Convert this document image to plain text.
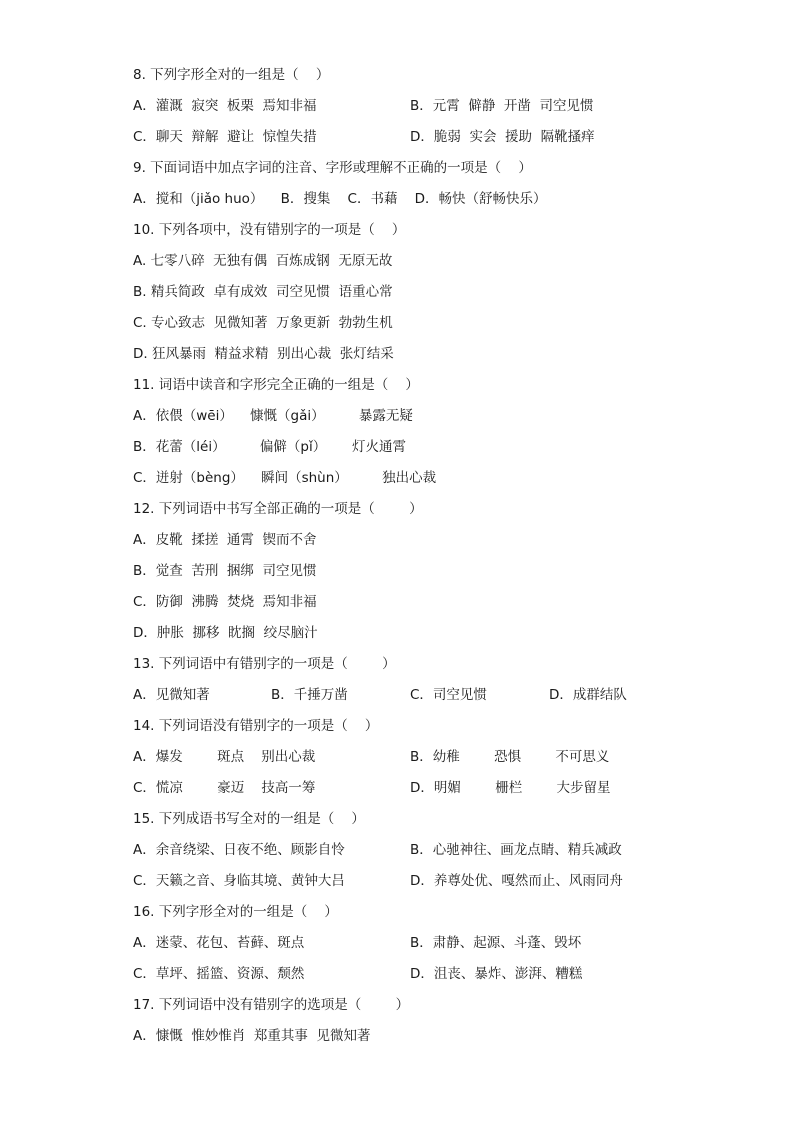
8. 下列字形全对的一组是（    ）
A．灌溉  寂突  板栗  焉知非福	B．元霄  僻静  开凿  司空见惯
C．聊天  辩解  避让  惊惶失措	D．脆弱  实会  援助  隔靴搔痒
9. 下面词语中加点字词的注音、字形或理解不正确的一项是（    ）
A．搅和（jiǎo huo）    B．搜集    C．书藉    D．畅快（舒畅快乐）
10. 下列各项中，没有错别字的一项是（    ）
A. 七零八碎  无独有偶  百炼成钢  无原无故
B. 精兵简政  卓有成效  司空见惯  语重心常
C. 专心致志  见微知著  万象更新  勃勃生机
D. 狂风暴雨  精益求精  别出心裁  张灯结采
11. 词语中读音和字形完全正确的一组是（    ）
A．依偎（wēi）    慷慨（gǎi）        暴露无疑
B．花蕾（léi）        偏僻（pǐ）      灯火通霄
C．迸射（bèng）    瞬间（shùn）        独出心裁
12. 下列词语中书写全部正确的一项是（        ）
A．皮靴  揉搓  通霄  锲而不舍
B．觉查  苦刑  捆绑  司空见惯
C．防御  沸腾  焚烧  焉知非福
D．肿胀  挪移  眈搁  绞尽脑汁
13. 下列词语中有错别字的一项是（        ）
A．见微知著	B．千捶万凿	C．司空见惯	D．成群结队
14. 下列词语没有错别字的一项是（    ）
A．爆发        斑点    别出心裁	B．幼稚        恐惧        不可思义
C．慌凉        豪迈    技高一筹	D．明媚        栅栏        大步留星
15. 下列成语书写全对的一组是（    ）
A．余音绕梁、日夜不绝、顾影自怜	B．心驰神往、画龙点睛、精兵减政
C．天籁之音、身临其境、黄钟大吕	D．养尊处优、嘎然而止、风雨同舟
16. 下列字形全对的一组是（    ）
A．迷蒙、花包、苔藓、斑点	B．肃静、起源、斗蓬、毁坏
C．草坪、摇篮、资源、颓然	D．沮丧、暴炸、澎湃、糟糕
17. 下列词语中没有错别字的选项是（        ）
A．慷慨  惟妙惟肖  郑重其事  见微知著
